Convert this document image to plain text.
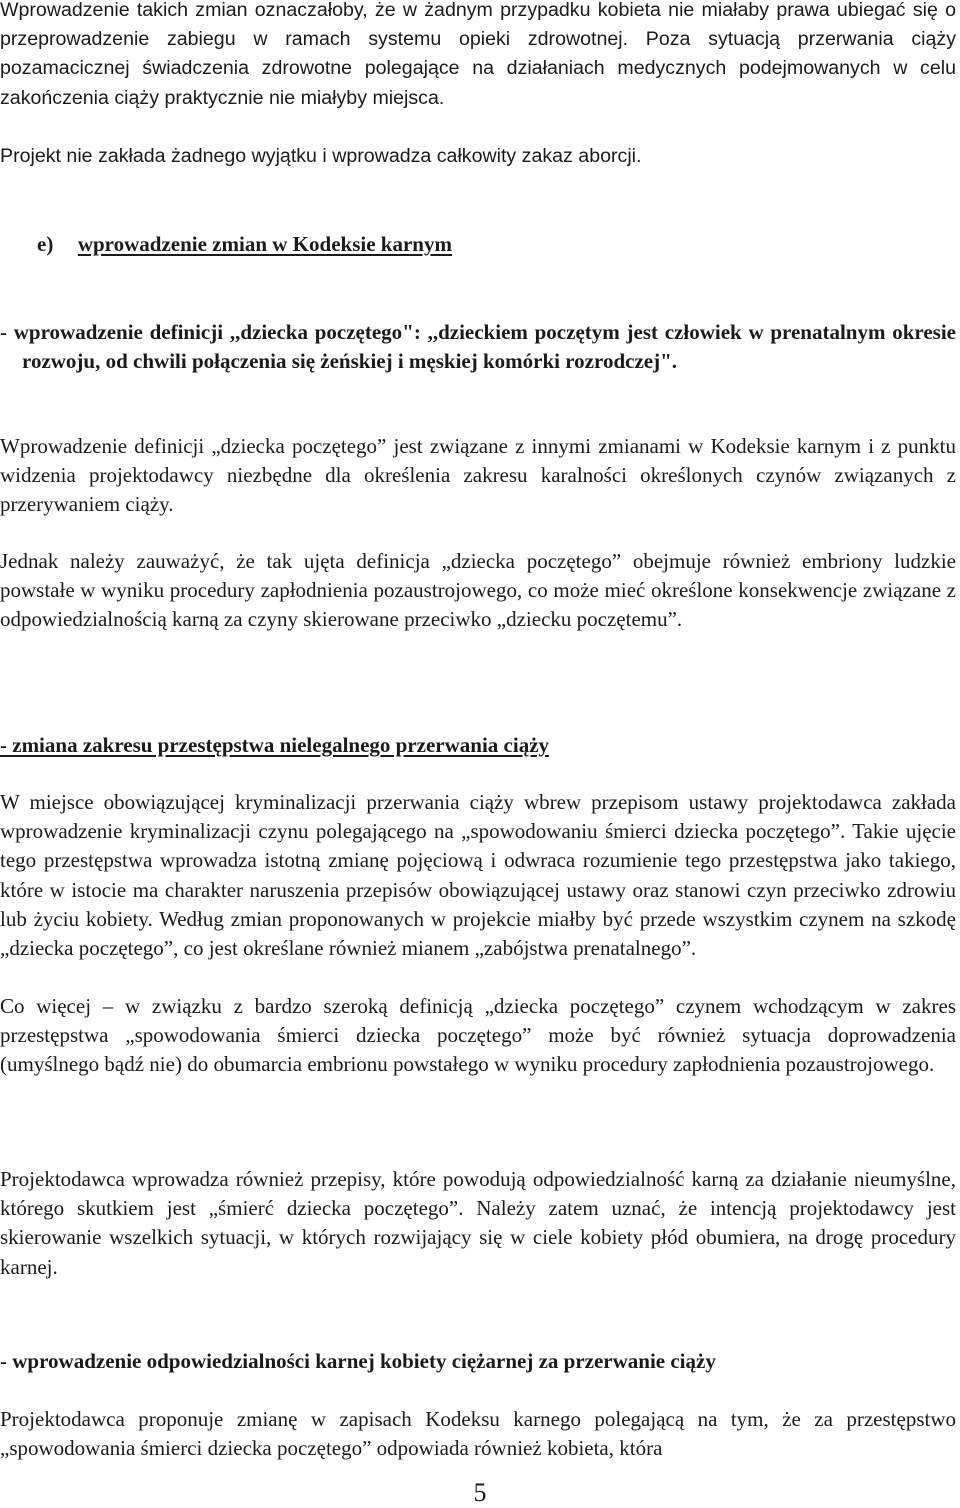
Wprowadzenie takich zmian oznaczałoby, że w żadnym przypadku kobieta nie miałaby prawa ubiegać się o przeprowadzenie zabiegu w ramach systemu opieki zdrowotnej. Poza sytuacją przerwania ciąży pozamacicznej świadczenia zdrowotne polegające na działaniach medycznych podejmowanych w celu zakończenia ciąży praktycznie nie miałyby miejsca.

Projekt nie zakłada żadnego wyjątku i wprowadza całkowity zakaz aborcji.

e) wprowadzenie zmian w Kodeksie karnym

- wprowadzenie definicji ,,dziecka poczętego": ,,dzieckiem poczętym jest człowiek w prenatalnym okresie rozwoju, od chwili połączenia się żeńskiej i męskiej komórki rozrodczej".

Wprowadzenie definicji „dziecka poczętego” jest związane z innymi zmianami w Kodeksie karnym i z punktu widzenia projektodawcy niezbędne dla określenia zakresu karalności określonych czynów związanych z przerywaniem ciąży.

Jednak należy zauważyć, że tak ujęta definicja „dziecka poczętego” obejmuje również embriony ludzkie powstałe w wyniku procedury zapłodnienia pozaustrojowego, co może mieć określone konsekwencje związane z odpowiedzialnością karną za czyny skierowane przeciwko „dziecku poczętemu”.

- zmiana zakresu przestępstwa nielegalnego przerwania ciąży

W miejsce obowiązującej kryminalizacji przerwania ciąży wbrew przepisom ustawy projektodawca zakłada wprowadzenie kryminalizacji czynu polegającego na „spowodowaniu śmierci dziecka poczętego”. Takie ujęcie tego przestępstwa wprowadza istotną zmianę pojęciową i odwraca rozumienie tego przestępstwa jako takiego, które w istocie ma charakter naruszenia przepisów obowiązującej ustawy oraz stanowi czyn przeciwko zdrowiu lub życiu kobiety. Według zmian proponowanych w projekcie miałby być przede wszystkim czynem na szkodę „dziecka poczętego”, co jest określane również mianem „zabójstwa prenatalnego”.

Co więcej – w związku z bardzo szeroką definicją „dziecka poczętego” czynem wchodzącym w zakres przestępstwa „spowodowania śmierci dziecka poczętego” może być również sytuacja doprowadzenia (umyślnego bądź nie) do obumarcia embrionu powstałego w wyniku procedury zapłodnienia pozaustrojowego.

Projektodawca wprowadza również przepisy, które powodują odpowiedzialność karną za działanie nieumyślne, którego skutkiem jest „śmierć dziecka poczętego”. Należy zatem uznać, że intencją projektodawcy jest skierowanie wszelkich sytuacji, w których rozwijający się w ciele kobiety płód obumiera, na drogę procedury karnej.

- wprowadzenie odpowiedzialności karnej kobiety ciężarnej za przerwanie ciąży

Projektodawca proponuje zmianę w zapisach Kodeksu karnego polegającą na tym, że za przestępstwo „spowodowania śmierci dziecka poczętego” odpowiada również kobieta, która

5
